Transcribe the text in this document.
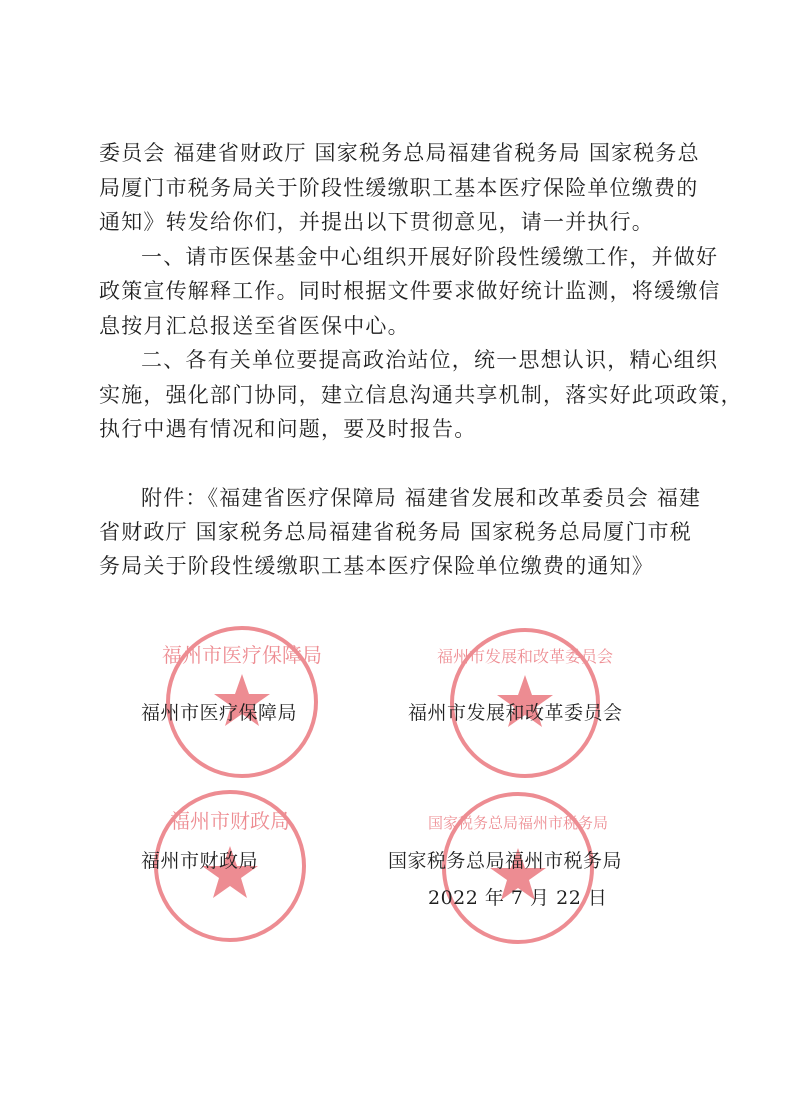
委员会 福建省财政厅 国家税务总局福建省税务局 国家税务总
局厦门市税务局关于阶段性缓缴职工基本医疗保险单位缴费的
通知》转发给你们，并提出以下贯彻意见，请一并执行。
一、请市医保基金中心组织开展好阶段性缓缴工作，并做好
政策宣传解释工作。同时根据文件要求做好统计监测，将缓缴信
息按月汇总报送至省医保中心。
二、各有关单位要提高政治站位，统一思想认识，精心组织
实施，强化部门协同，建立信息沟通共享机制，落实好此项政策，
执行中遇有情况和问题，要及时报告。
附件：《福建省医疗保障局 福建省发展和改革委员会 福建
省财政厅 国家税务总局福建省税务局 国家税务总局厦门市税
务局关于阶段性缓缴职工基本医疗保险单位缴费的通知》
福州市医疗保障局	福州市发展和改革委员会
福州市财政局	国家税务总局福州市税务局
福州市医疗保障局	福州市发展和改革委员会
福州市财政局	国家税务总局福州市税务局
2022 年 7 月 22 日
